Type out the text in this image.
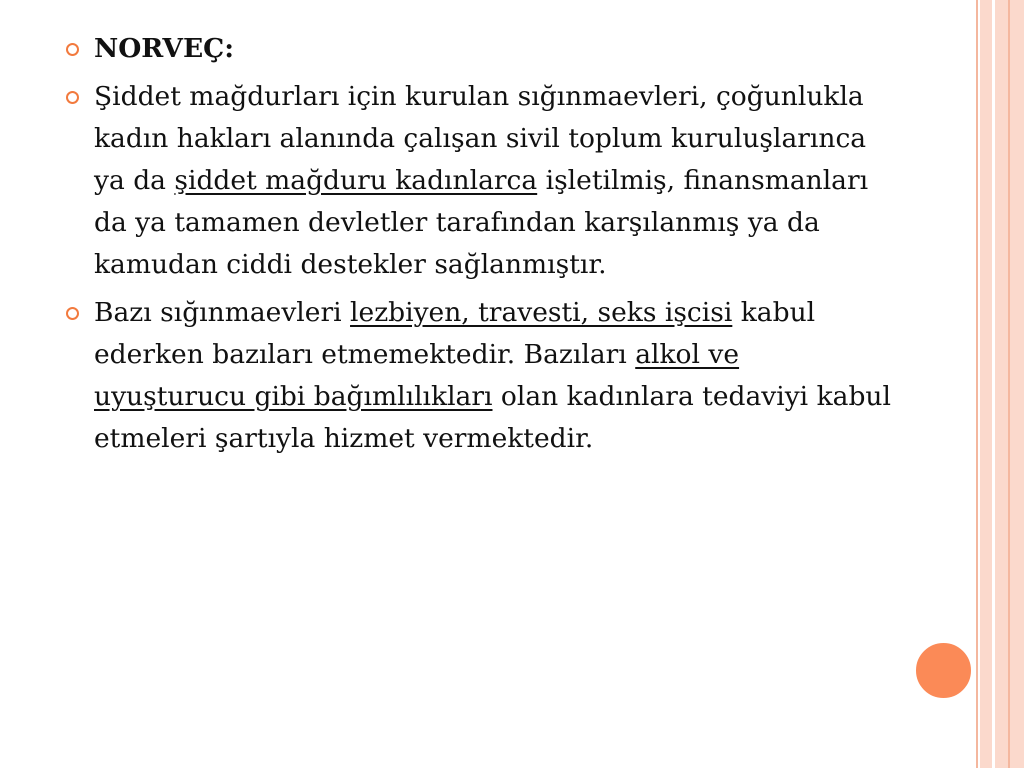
NORVEÇ:
Şiddet mağdurları için kurulan sığınmaevleri, çoğunlukla kadın hakları alanında çalışan sivil toplum kuruluşlarınca ya da şiddet mağduru kadınlarca işletilmiş, finansmanları da ya tamamen devletler tarafından karşılanmış ya da kamudan ciddi destekler sağlanmıştır.
Bazı sığınmaevleri lezbiyen, travesti, seks işcisi kabul ederken bazıları etmemektedir. Bazıları alkol ve uyuşturucu gibi bağımlılıkları olan kadınlara tedaviyi kabul etmeleri şartıyla hizmet vermektedir.
